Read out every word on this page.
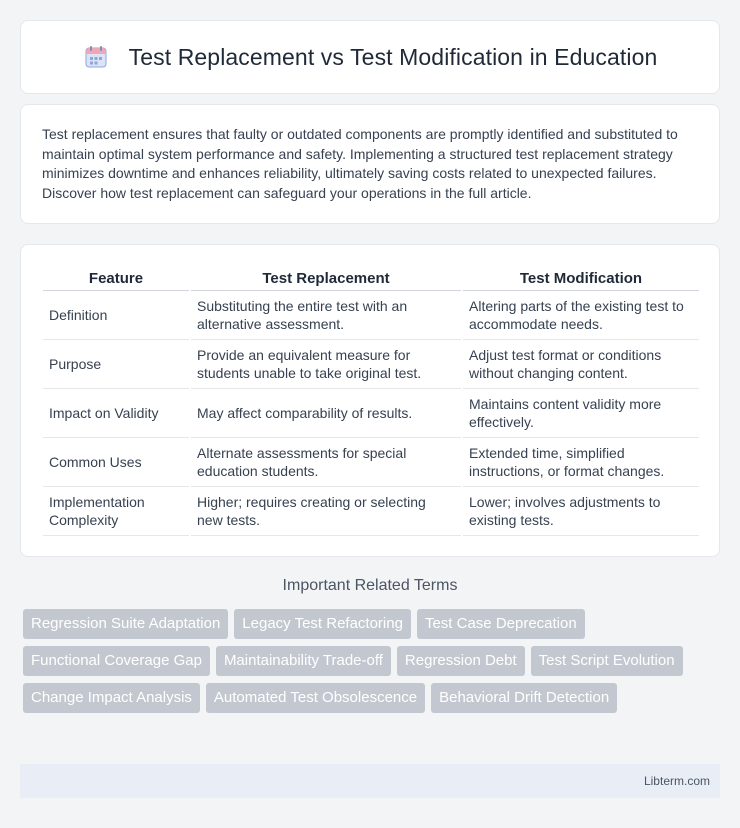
Test Replacement vs Test Modification in Education

Test replacement ensures that faulty or outdated components are promptly identified and substituted to maintain optimal system performance and safety. Implementing a structured test replacement strategy minimizes downtime and enhances reliability, ultimately saving costs related to unexpected failures. Discover how test replacement can safeguard your operations in the full article.

Feature	Test Replacement	Test Modification
Definition	Substituting the entire test with an alternative assessment.	Altering parts of the existing test to accommodate needs.
Purpose	Provide an equivalent measure for students unable to take original test.	Adjust test format or conditions without changing content.
Impact on Validity	May affect comparability of results.	Maintains content validity more effectively.
Common Uses	Alternate assessments for special education students.	Extended time, simplified instructions, or format changes.
Implementation Complexity	Higher; requires creating or selecting new tests.	Lower; involves adjustments to existing tests.
Important Related Terms
Regression Suite Adaptation	Legacy Test Refactoring	Test Case Deprecation
Functional Coverage Gap	Maintainability Trade-off	Regression Debt	Test Script Evolution
Change Impact Analysis	Automated Test Obsolescence	Behavioral Drift Detection
Libterm.com
